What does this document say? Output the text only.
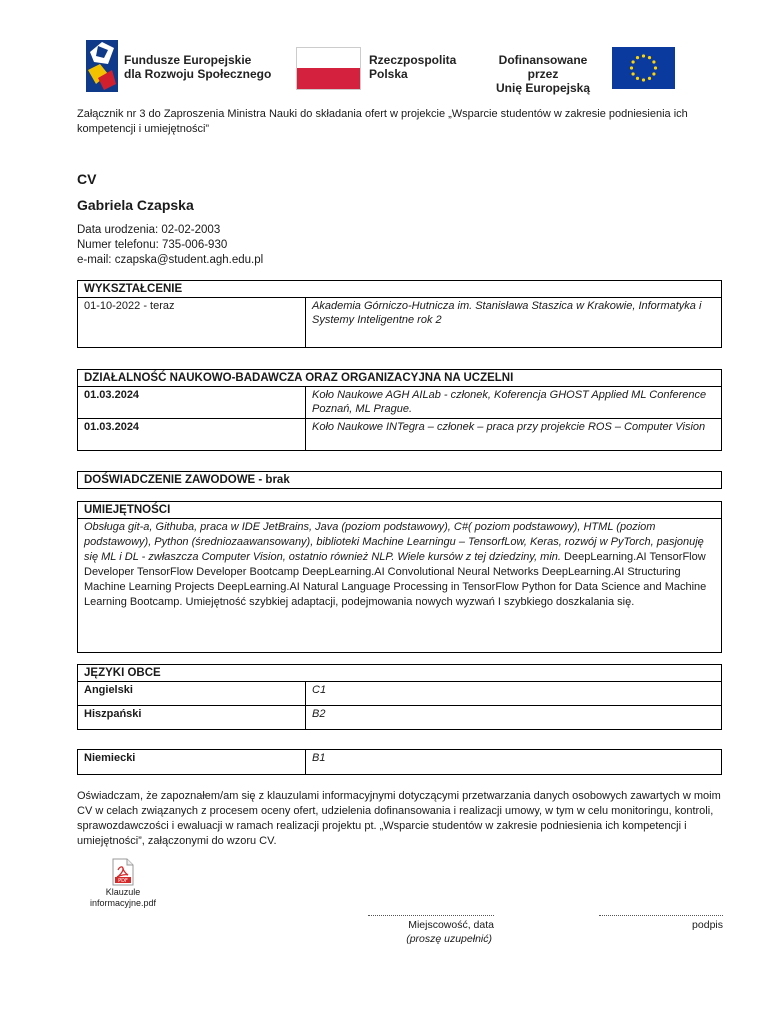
Fundusze Europejskie
dla Rozwoju Społecznego
Rzeczpospolita
Polska
Dofinansowane przez
Unię Europejską
Załącznik nr 3 do Zaproszenia Ministra Nauki do składania ofert w projekcie „Wsparcie studentów w zakresie podniesienia ich kompetencji i umiejętności”
CV
Gabriela Czapska
Data urodzenia: 02-02-2003
Numer telefonu: 735-006-930
e-mail: czapska@student.agh.edu.pl
WYKSZTAŁCENIE
01-10-2022 - teraz	Akademia Górniczo-Hutnicza im. Stanisława Staszica w Krakowie, Informatyka i Systemy Inteligentne rok 2
DZIAŁALNOŚĆ NAUKOWO-BADAWCZA ORAZ ORGANIZACYJNA NA UCZELNI	
01.03.2024	Koło Naukowe AGH AILab - członek, Koferencja GHOST Applied ML Conference Poznań, ML Prague.
01.03.2024	Koło Naukowe INTegra – członek – praca przy projekcie ROS – Computer Vision
DOŚWIADCZENIE ZAWODOWE - brak
UMIEJĘTNOŚCI
Obsługa git-a, Githuba, praca w IDE JetBrains, Java (poziom podstawowy), C#( poziom podstawowy), HTML (poziom podstawowy), Python (średniozaawansowany), biblioteki Machine Learningu – TensorfLow, Keras, rozwój w PyTorch, pasjonuję się ML i DL - zwłaszcza Computer Vision, ostatnio również NLP. Wiele kursów z tej dziedziny, min. DeepLearning.AI TensorFlow Developer TensorFlow Developer Bootcamp DeepLearning.AI Convolutional Neural Networks DeepLearning.AI Structuring Machine Learning Projects DeepLearning.AI Natural Language Processing in TensorFlow Python for Data Science and Machine Learning Bootcamp. Umiejętność szybkiej adaptacji, podejmowania nowych wyzwań I szybkiego doszkalania się.
JĘZYKI OBCE	
Angielski	C1
Hiszpański	B2
Niemiecki	B1
Oświadczam, że zapoznałem/am się z klauzulami informacyjnymi dotyczącymi przetwarzania danych osobowych zawartych w moim CV w celach związanych z procesem oceny ofert, udzielenia dofinansowania i realizacji umowy, w tym w celu monitoringu, kontroli, sprawozdawczości i ewaluacji w ramach realizacji projektu pt. „Wsparcie studentów w zakresie podniesienia ich kompetencji i umiejętności”, załączonymi do wzoru CV.
PDF
Klauzule
informacyjne.pdf
Miejscowość, data
(proszę uzupełnić)
podpis
